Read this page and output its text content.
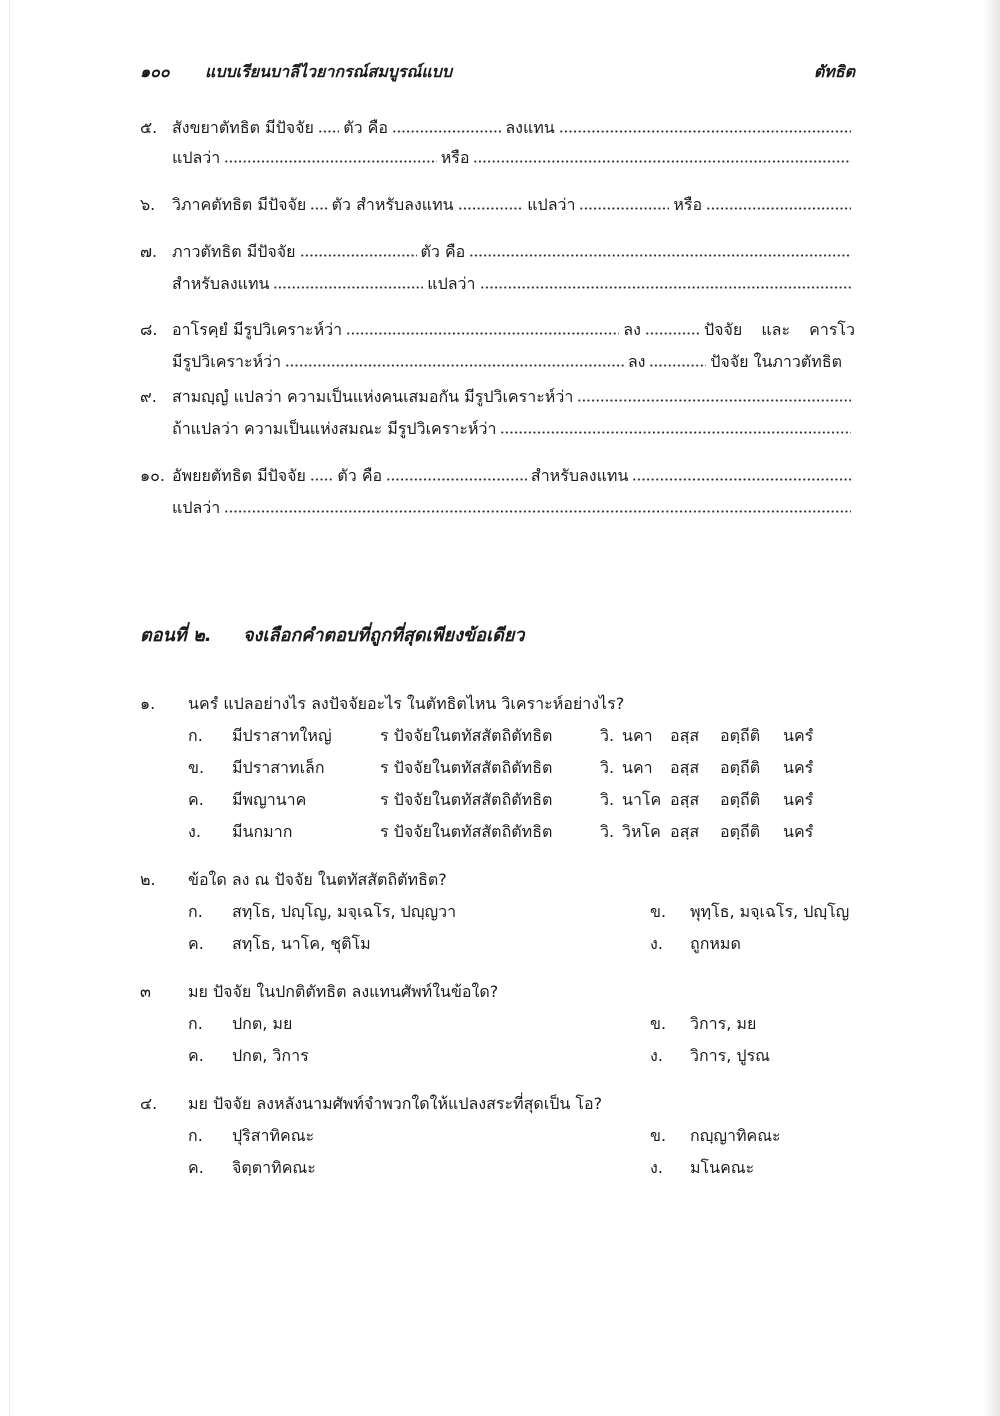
๑๐๐ แบบเรียนบาลีไวยากรณ์สมบูรณ์แบบ	ตัทธิต
๕. สังขยาตัทธิต มีปัจจัย ตัว คือ	ลงแทน
แปลว่า	หรือ
๖. วิภาคตัทธิต มีปัจจัย ตัว สำหรับลงแทน	แปลว่า	หรือ
๗. ภาวตัทธิต มีปัจจัย	ตัว คือ
สำหรับลงแทน	แปลว่า
๘. อาโรคฺยํ มีรูปวิเคราะห์ว่า	ลง	ปัจจัย และ คารโว
มีรูปวิเคราะห์ว่า	ลง	ปัจจัย ในภาวตัทธิต
๙. สามญฺญํ แปลว่า ความเป็นแห่งคนเสมอกัน มีรูปวิเคราะห์ว่า
ถ้าแปลว่า ความเป็นแห่งสมณะ มีรูปวิเคราะห์ว่า
๑๐. อัพยยตัทธิต มีปัจจัย ตัว คือ	สำหรับลงแทน
แปลว่า
ตอนที่ ๒. จงเลือกคำตอบที่ถูกที่สุดเพียงข้อเดียว
๑. นครํ แปลอย่างไร ลงปัจจัยอะไร ในตัทธิตไหน วิเคราะห์อย่างไร?
ก. มีปราสาทใหญ่	ร ปัจจัยในตทัสสัตถิตัทธิต	วิ. นคา	อสฺส	อตฺถีติ	นครํ
ข. มีปราสาทเล็ก	ร ปัจจัยในตทัสสัตถิตัทธิต	วิ. นคา	อสฺส	อตฺถีติ	นครํ
ค. มีพญานาค	ร ปัจจัยในตทัสสัตถิตัทธิต	วิ. นาโค อสฺส	อตฺถีติ	นครํ
ง. มีนกมาก	ร ปัจจัยในตทัสสัตถิตัทธิต	วิ. วิหโค อสฺส	อตฺถีติ	นครํ
๒. ข้อใด ลง ณ ปัจจัย ในตทัสสัตถิตัทธิต?
ก. สทฺโธ, ปญฺโญ, มจฺเฉโร, ปญฺญวา	ข. พุทฺโธ, มจฺเฉโร, ปญฺโญ
ค. สทฺโธ, นาโค, ชุติโม	ง. ถูกหมด
๓ มย ปัจจัย ในปกติตัทธิต ลงแทนศัพท์ในข้อใด?
ก. ปกต, มย	ข. วิการ, มย
ค. ปกต, วิการ	ง. วิการ, ปูรณ
๔. มย ปัจจัย ลงหลังนามศัพท์จำพวกใดให้แปลงสระที่สุดเป็น โอ?
ก. ปุริสาทิคณะ	ข. กญฺญาทิคณะ
ค. จิตฺตาทิคณะ	ง. มโนคณะ
